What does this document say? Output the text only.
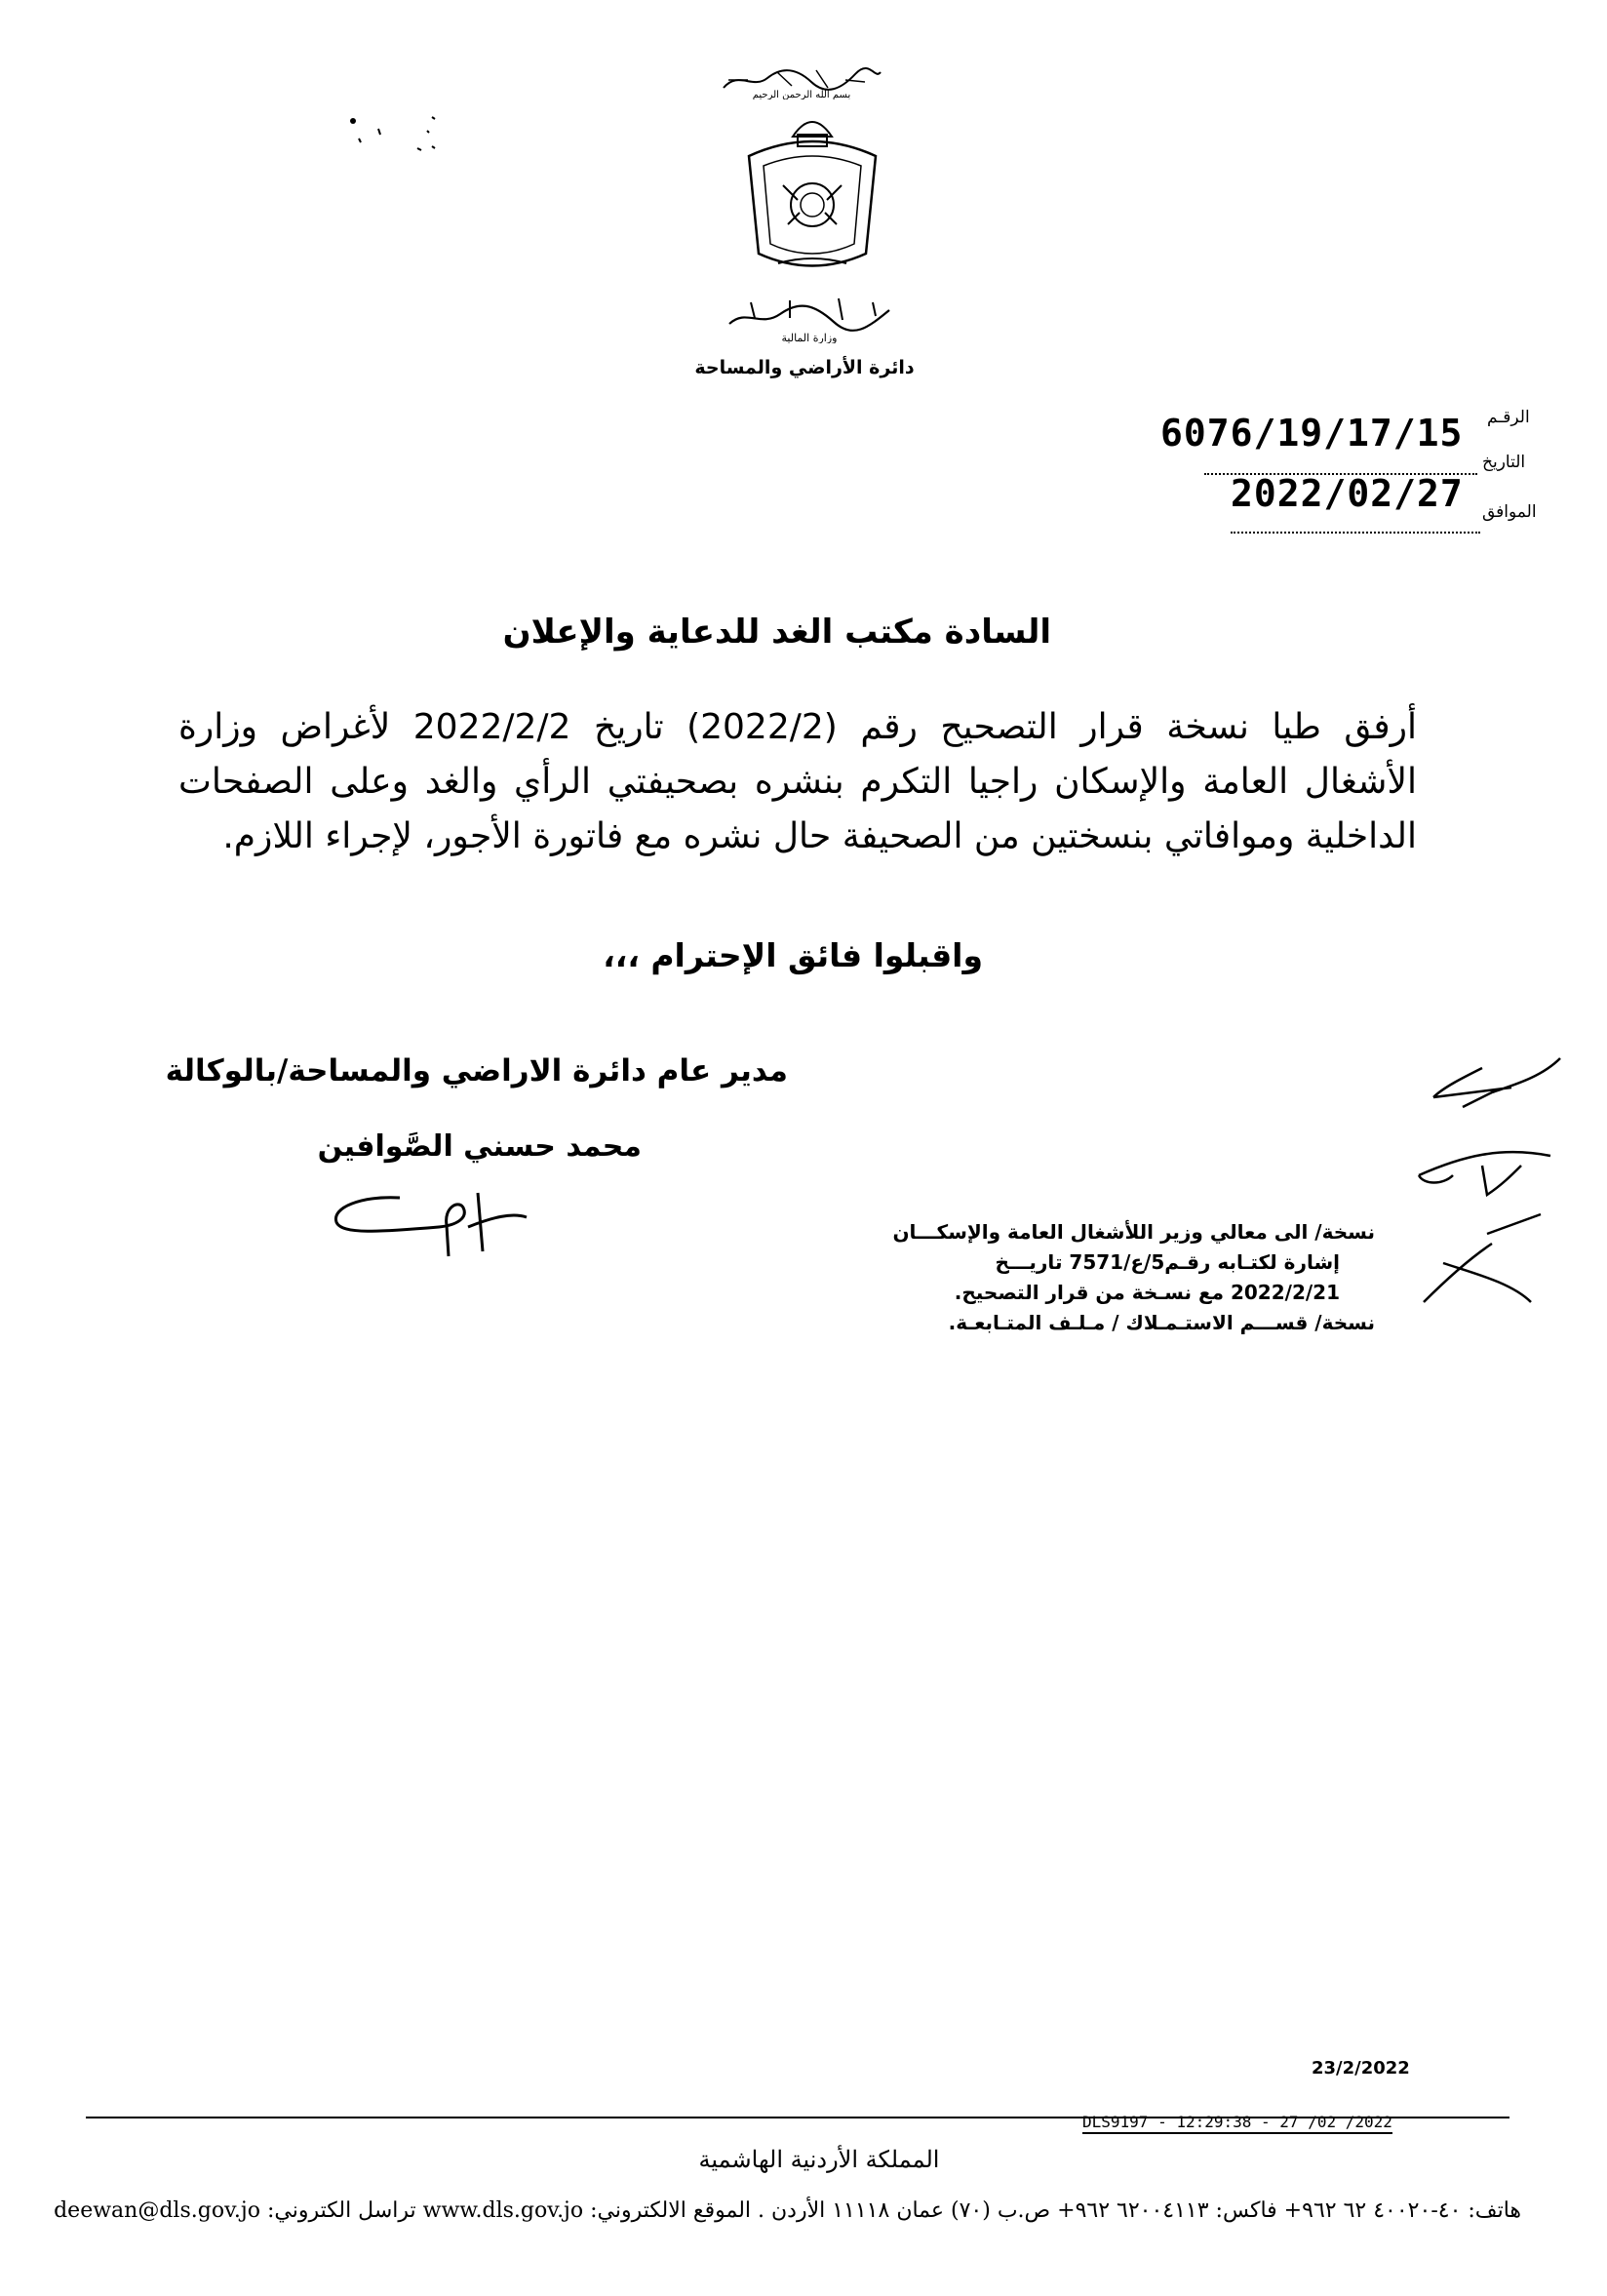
بسم الله الرحمن الرحيم
وزارة المالية
دائرة الأراضي والمساحة
الرقـم
6076/19/17/15
التاريخ
2022/02/27 الموافق
السادة مكتب الغد للدعاية والإعلان
أرفق طيا نسخة قرار التصحيح رقم (2022/2) تاريخ 2022/2/2 لأغراض وزارة الأشغال العامة والإسكان راجيا التكرم بنشره بصحيفتي الرأي والغد وعلى الصفحات الداخلية وموافاتي بنسختين من الصحيفة حال نشره مع فاتورة الأجور، لإجراء اللازم.
واقبلوا فائق الإحترام ،،،
مدير عام دائرة الاراضي والمساحة/بالوكالة
محمد حسني الصَّوافين
نسخة/ الى معالي وزير اللأشغال العامة والإسكـــان
إشارة لكتـابه رقـم5/ع/7571 تاريـــخ
2022/2/21 مع نسـخة من قرار التصحيح.
نسخة/ قســـم الاستـمـلاك / مـلـف المتـابعـة.
23/2/2022
DLS9197 - 12:29:38 - 27 /02 /2022
المملكة الأردنية الهاشمية
هاتف: ٤٠-٤٠٠٢٠ ٦٢ ٩٦٢+ فاكس: ٦٢٠٠٤١١٣ ٩٦٢+ ص.ب (٧٠) عمان ١١١١٨ الأردن . الموقع الالكتروني: www.dls.gov.jo تراسل الكتروني: deewan@dls.gov.jo
